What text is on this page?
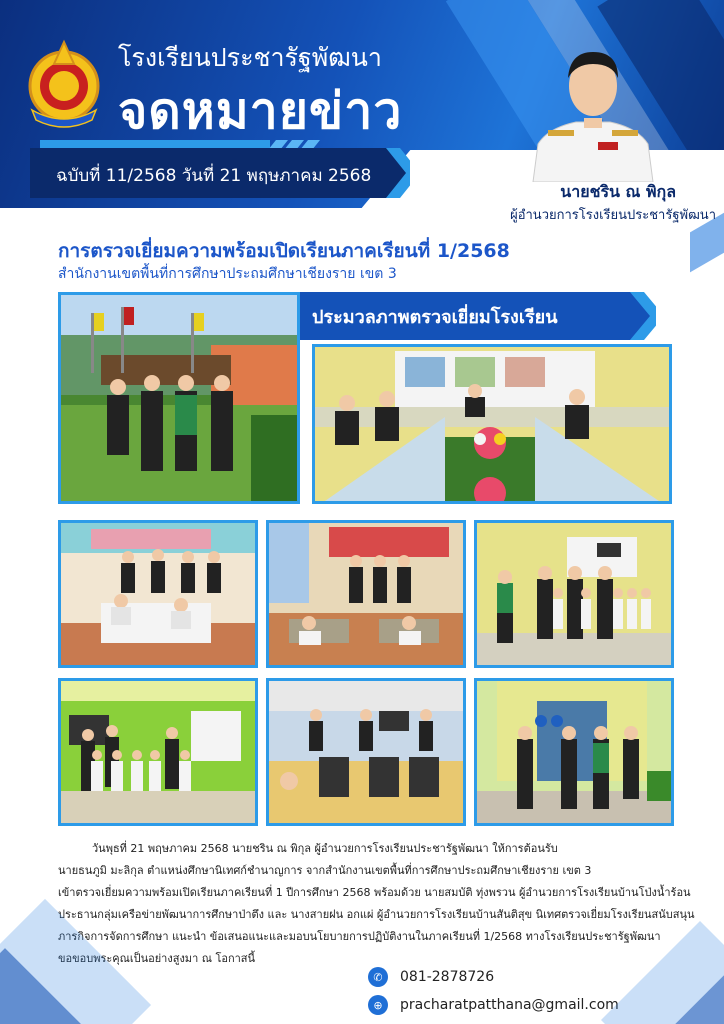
โรงเรียนประชารัฐพัฒนา
จดหมายข่าว
ฉบับที่ 11/2568 วันที่ 21 พฤษภาคม 2568
นายชริน ณ พิกุล
ผู้อำนวยการโรงเรียนประชารัฐพัฒนา
การตรวจเยี่ยมความพร้อมเปิดเรียนภาคเรียนที่ 1/2568
สำนักงานเขตพื้นที่การศึกษาประถมศึกษาเชียงราย เขต 3
ประมวลภาพตรวจเยี่ยมโรงเรียน
วันพุธที่ 21 พฤษภาคม 2568 นายชริน ณ พิกุล ผู้อำนวยการโรงเรียนประชารัฐพัฒนา ให้การต้อนรับ
นายธนภูมิ มะลิกุล ตำแหน่งศึกษานิเทศก์ชำนาญการ จากสำนักงานเขตพื้นที่การศึกษาประถมศึกษาเชียงราย เขต 3
เข้าตรวจเยี่ยมความพร้อมเปิดเรียนภาคเรียนที่ 1 ปีการศึกษา 2568 พร้อมด้วย นายสมบัติ ทุ่งพรวน ผู้อำนวยการโรงเรียนบ้านโป่งน้ำร้อน
ประธานกลุ่มเครือข่ายพัฒนาการศึกษาป่าตึง และ นางสายฝน อกแผ่ ผู้อำนวยการโรงเรียนบ้านสันติสุข นิเทศตรวจเยี่ยมโรงเรียนสนับสนุน
ภารกิจการจัดการศึกษา แนะนำ ข้อเสนอแนะและมอบนโยบายการปฏิบัติงานในภาคเรียนที่ 1/2568 ทางโรงเรียนประชารัฐพัฒนา
ขอขอบพระคุณเป็นอย่างสูงมา ณ โอกาสนี้
✆	081-2878726
⊕	pracharatpatthana@gmail.com
